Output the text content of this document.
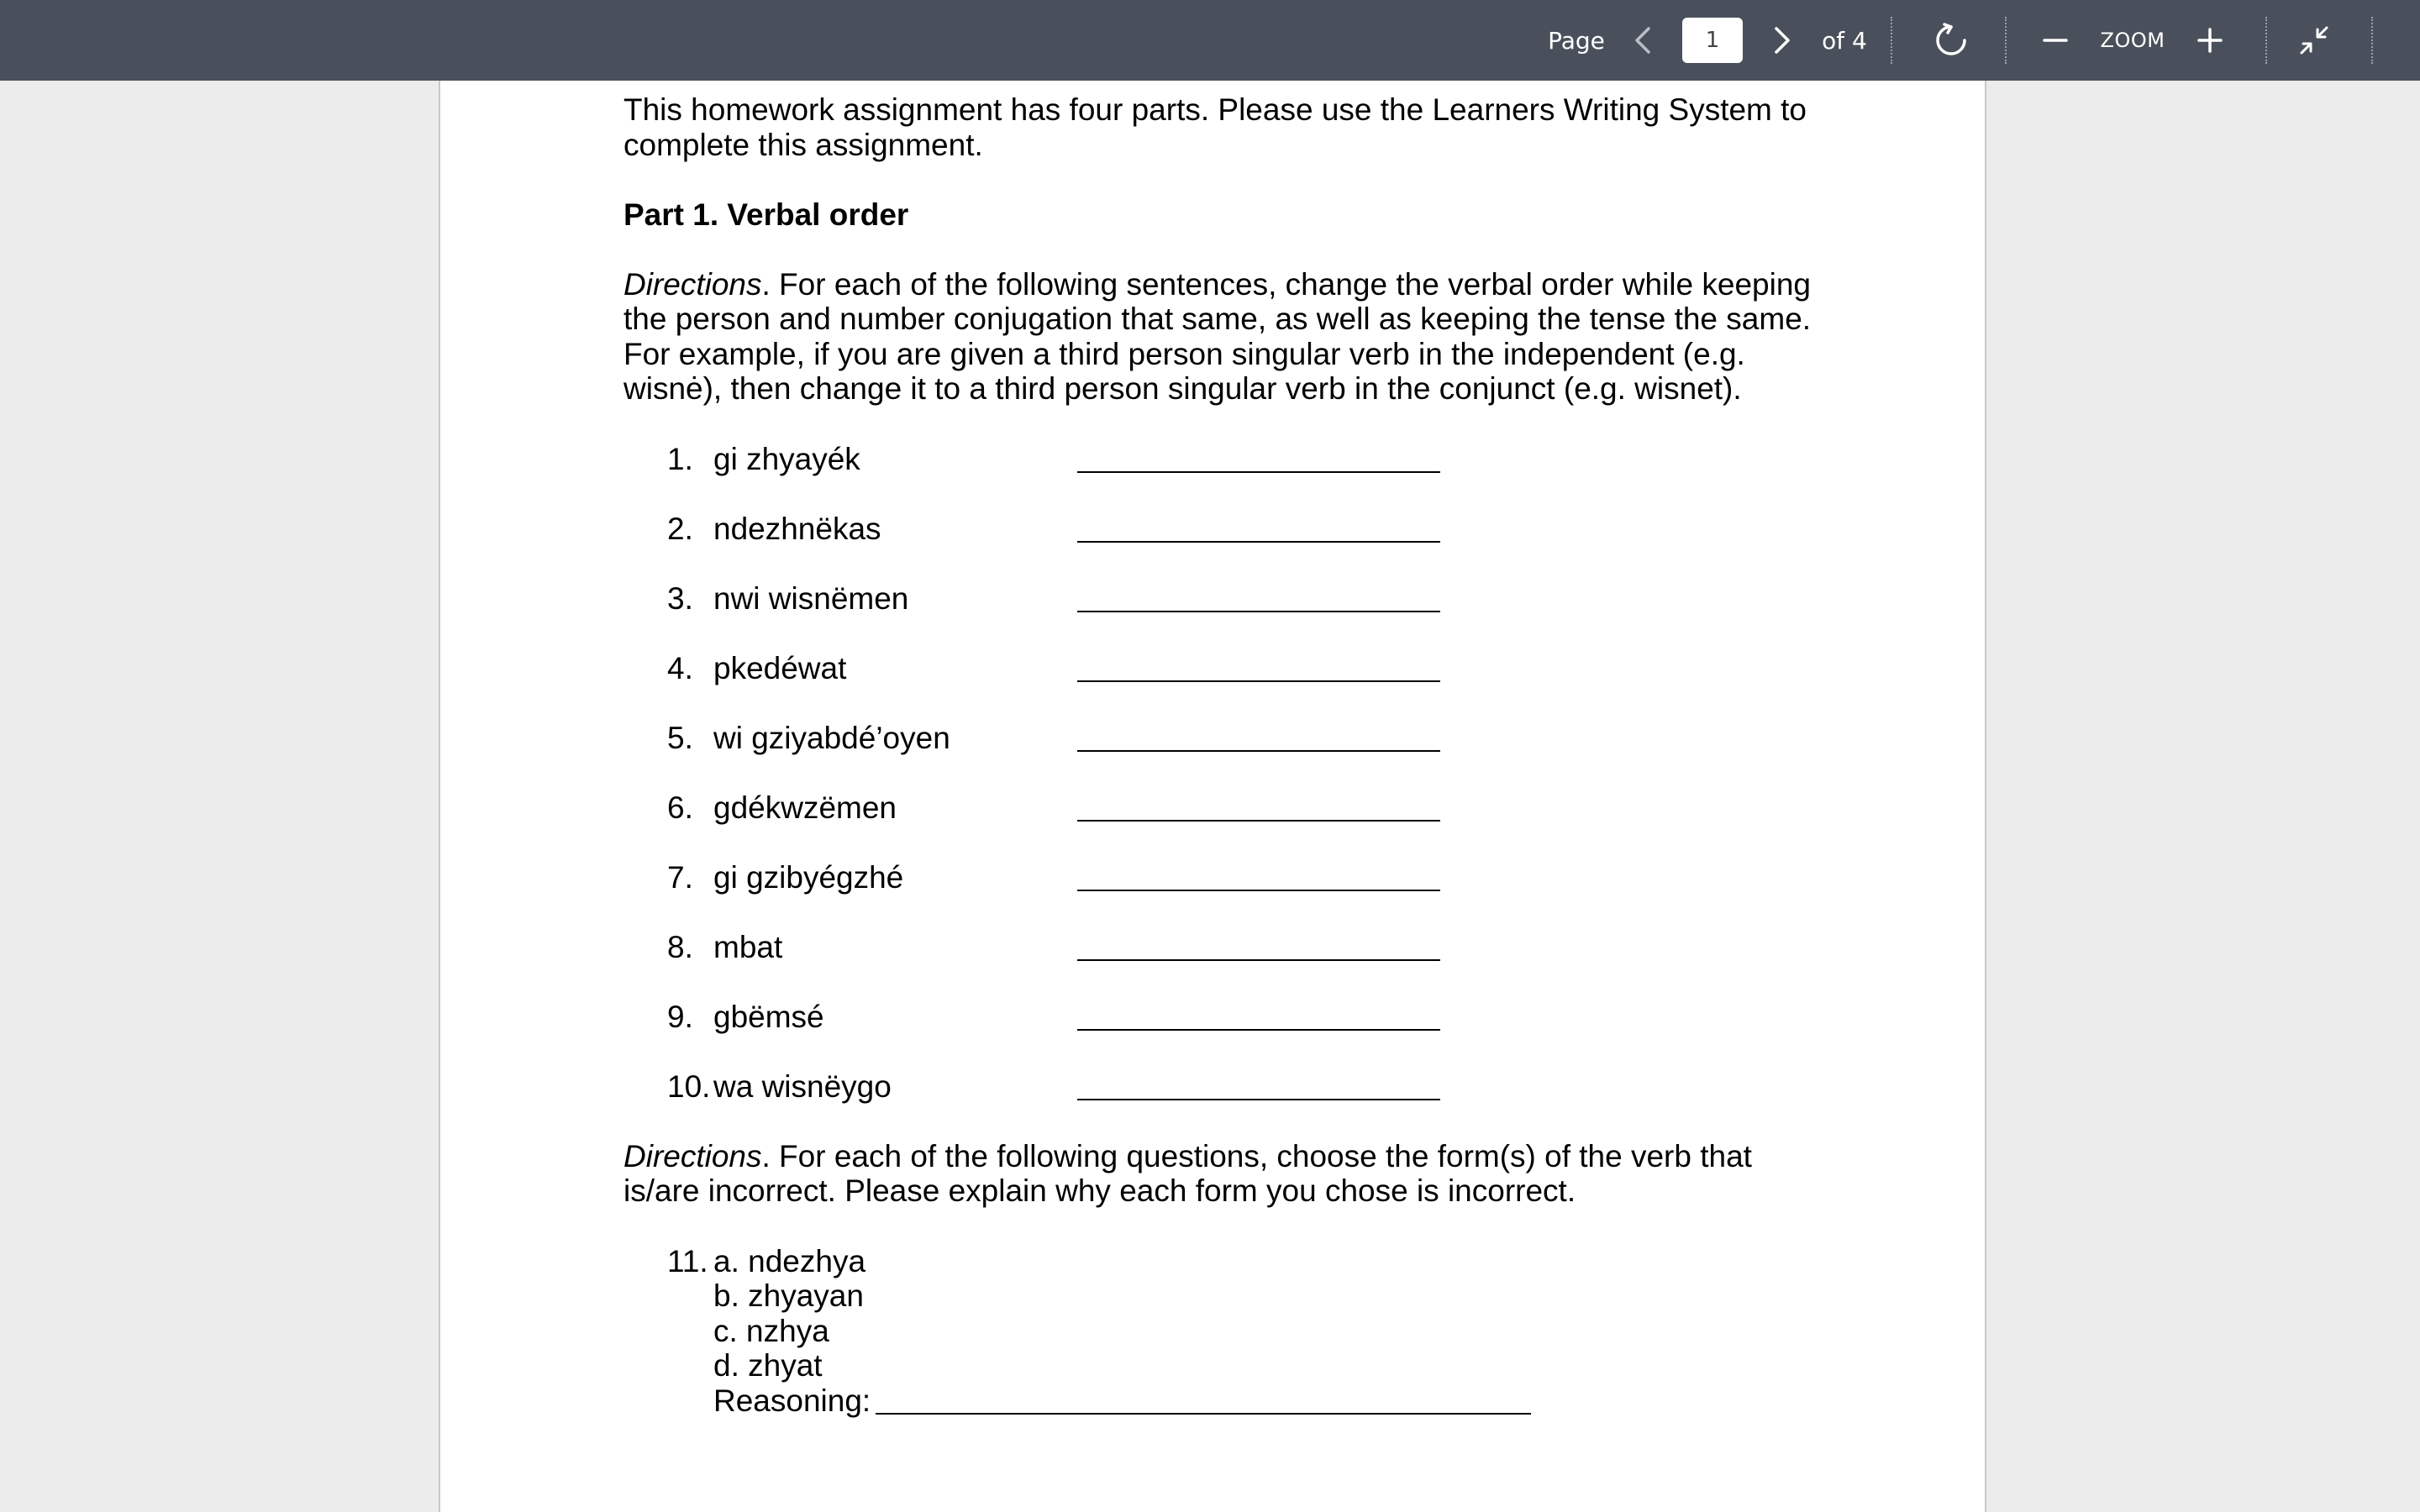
Page
1	of 4	ZOOM

This homework assignment has four parts. Please use the Learners Writing System to complete this assignment.

Part 1. Verbal order

Directions. For each of the following sentences, change the verbal order while keeping the person and number conjugation that same, as well as keeping the tense the same. For example, if you are given a third person singular verb in the independent (e.g. wisnė), then change it to a third person singular verb in the conjunct (e.g. wisnet).

1. gi zhyayék
2. ndezhnëkas
3. nwi wisnëmen
4. pkedéwat
5. wi gziyabdé’oyen
6. gdékwzëmen
7. gi gzibyégzhé
8. mbat
9. gbëmsé
10. wa wisnëygo

Directions. For each of the following questions, choose the form(s) of the verb that is/are incorrect. Please explain why each form you chose is incorrect.

11. a. ndezhya
b. zhyayan
c. nzhya
d. zhyat
Reasoning:
